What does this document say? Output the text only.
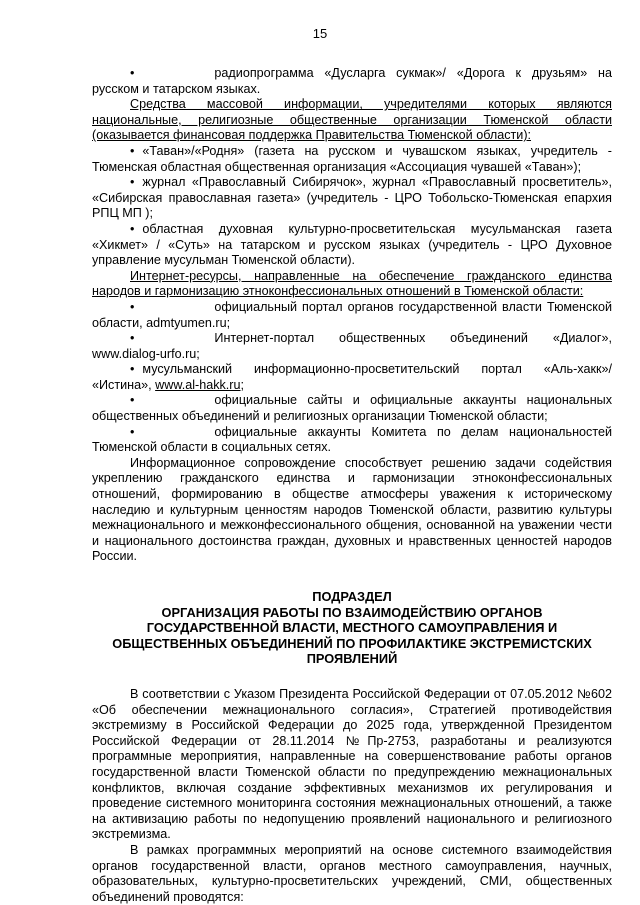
15

•	радиопрограмма «Дусларга сукмак»/ «Дорога к друзьям» на русском и татарском языках.

Средства массовой информации, учредителями которых являются национальные, религиозные общественные организации Тюменской области (оказывается финансовая поддержка Правительства Тюменской области):

• «Таван»/«Родня» (газета на русском и чувашском языках, учредитель - Тюменская областная общественная организация «Ассоциация чувашей «Таван»);

• журнал «Православный Сибирячок», журнал «Православный просветитель», «Сибирская православная газета» (учредитель - ЦРО Тобольско-Тюменская епархия РПЦ МП );

• областная духовная культурно-просветительская мусульманская газета «Хикмет» / «Суть» на татарском и русском языках (учредитель - ЦРО Духовное управление мусульман Тюменской области).

Интернет-ресурсы, направленные на обеспечение гражданского единства народов и гармонизацию этноконфессиональных отношений в Тюменской области:

•	официальный портал органов государственной власти Тюменской области, admtyumen.ru;

•	Интернет-портал общественных объединений «Диалог», www.dialog-urfo.ru;

• мусульманский информационно-просветительский портал «Аль-хакк»/ «Истина», www.al-hakk.ru;

•	официальные сайты и официальные аккаунты национальных общественных объединений и религиозных организации Тюменской области;

•	официальные аккаунты Комитета по делам национальностей Тюменской области в социальных сетях.

Информационное сопровождение способствует решению задачи содействия укреплению гражданского единства и гармонизации этноконфессиональных отношений, формированию в обществе атмосферы уважения к историческому наследию и культурным ценностям народов Тюменской области, развитию культуры межнационального и межконфессионального общения, основанной на уважении чести и национального достоинства граждан, духовных и нравственных ценностей народов России.

ПОДРАЗДЕЛ
ОРГАНИЗАЦИЯ РАБОТЫ ПО ВЗАИМОДЕЙСТВИЮ ОРГАНОВ
ГОСУДАРСТВЕННОЙ ВЛАСТИ, МЕСТНОГО САМОУПРАВЛЕНИЯ И
ОБЩЕСТВЕННЫХ ОБЪЕДИНЕНИЙ ПО ПРОФИЛАКТИКЕ ЭКСТРЕМИСТСКИХ
ПРОЯВЛЕНИЙ

В соответствии с Указом Президента Российской Федерации от 07.05.2012 №602 «Об обеспечении межнационального согласия», Стратегией противодействия экстремизму в Российской Федерации до 2025 года, утвержденной Президентом Российской Федерации от 28.11.2014 №Пр-2753, разработаны и реализуются программные мероприятия, направленные на совершенствование работы органов государственной власти Тюменской области по предупреждению межнациональных конфликтов, включая создание эффективных механизмов их регулирования и проведение системного мониторинга состояния межнациональных отношений, а также на активизацию работы по недопущению проявлений национального и религиозного экстремизма.

В рамках программных мероприятий на основе системного взаимодействия органов государственной власти, органов местного самоуправления, научных, образовательных, культурно-просветительских учреждений, СМИ, общественных объединений проводятся:
